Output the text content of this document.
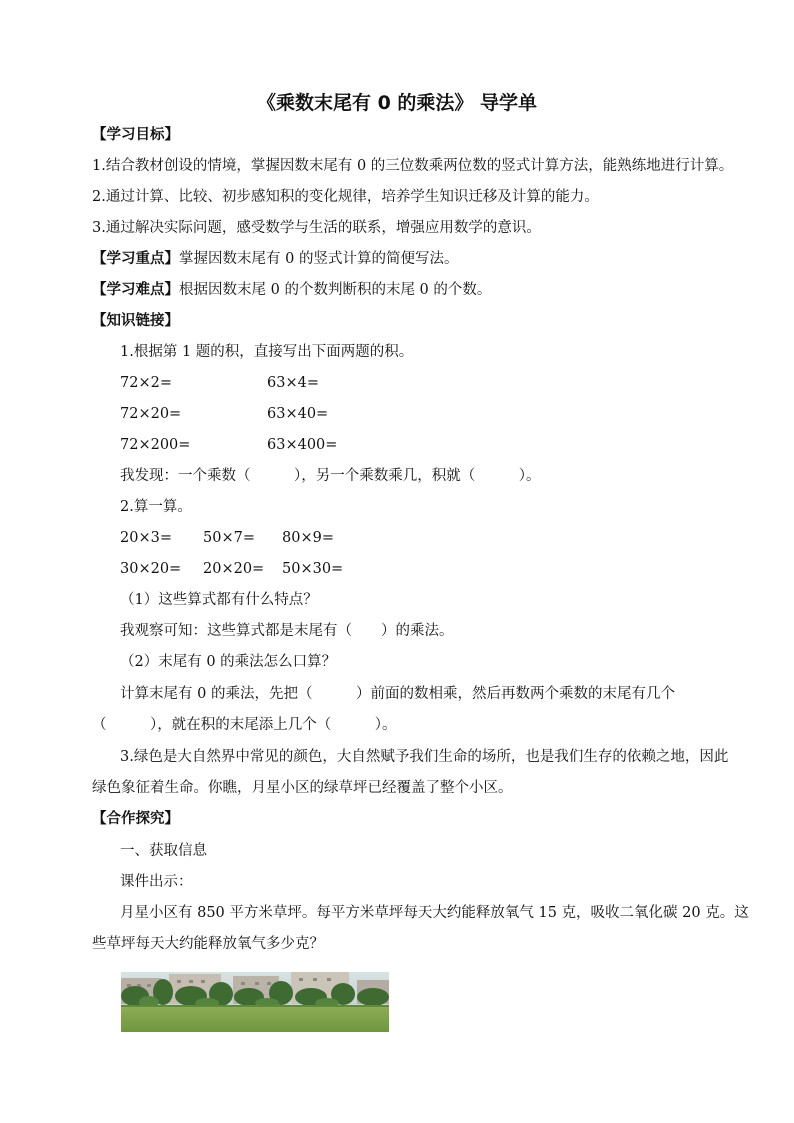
《乘数末尾有 0 的乘法》 导学单
【学习目标】
1.结合教材创设的情境，掌握因数末尾有 0 的三位数乘两位数的竖式计算方法，能熟练地进行计算。
2.通过计算、比较、初步感知积的变化规律，培养学生知识迁移及计算的能力。
3.通过解决实际问题，感受数学与生活的联系，增强应用数学的意识。
【学习重点】掌握因数末尾有 0 的竖式计算的简便写法。
【学习难点】根据因数末尾 0 的个数判断积的末尾 0 的个数。
【知识链接】
1.根据第 1 题的积，直接写出下面两题的积。
72×2=	63×4=
72×20=	63×40=
72×200=	63×400=
我发现：一个乘数（　　　），另一个乘数乘几，积就（　　　）。
2.算一算。
20×3= 50×7= 80×9=
30×20= 20×20= 50×30=
（1）这些算式都有什么特点？
我观察可知：这些算式都是末尾有（　　）的乘法。
（2）末尾有 0 的乘法怎么口算？
计算末尾有 0 的乘法，先把（　　　）前面的数相乘，然后再数两个乘数的末尾有几个
（　　　），就在积的末尾添上几个（　　　）。
3.绿色是大自然界中常见的颜色，大自然赋予我们生命的场所，也是我们生存的依赖之地，因此
绿色象征着生命。你瞧，月星小区的绿草坪已经覆盖了整个小区。
【合作探究】
一、获取信息
课件出示：
月星小区有 850 平方米草坪。每平方米草坪每天大约能释放氧气 15 克，吸收二氧化碳 20 克。这
些草坪每天大约能释放氧气多少克？
